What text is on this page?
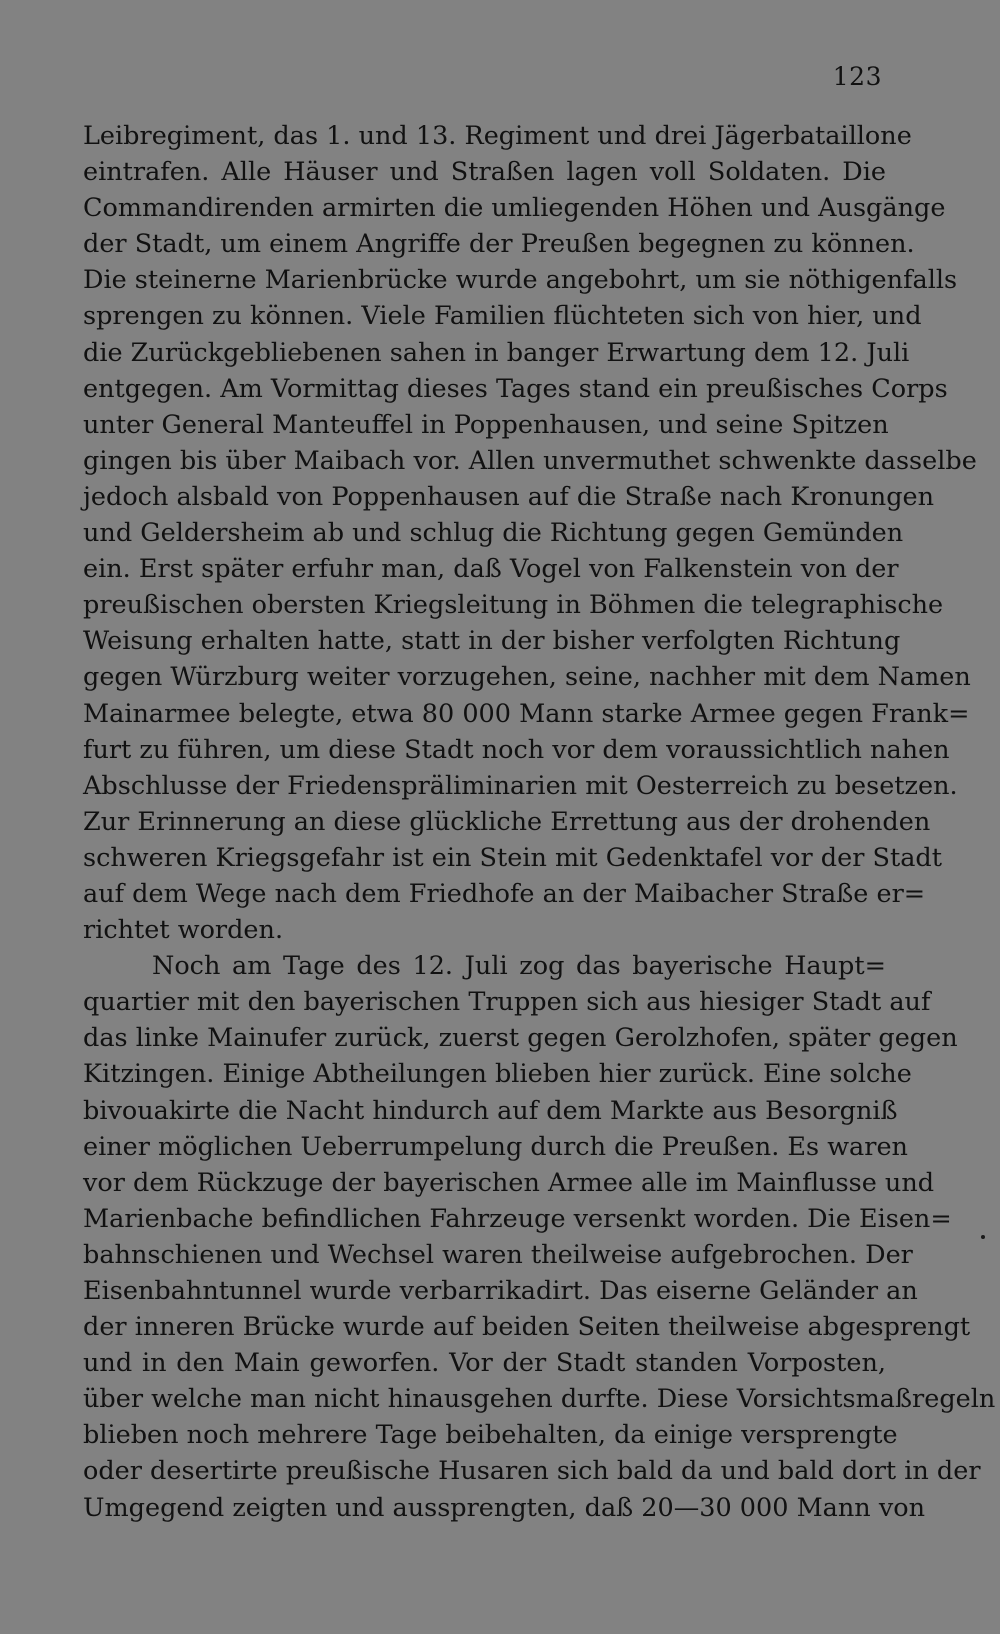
123
Leibregiment, das 1. und 13. Regiment und drei Jägerbataillone
eintrafen. Alle Häuser und Straßen lagen voll Soldaten. Die
Commandirenden armirten die umliegenden Höhen und Ausgänge
der Stadt, um einem Angriffe der Preußen begegnen zu können.
Die steinerne Marienbrücke wurde angebohrt, um sie nöthigenfalls
sprengen zu können. Viele Familien flüchteten sich von hier, und
die Zurückgebliebenen sahen in banger Erwartung dem 12. Juli
entgegen. Am Vormittag dieses Tages stand ein preußisches Corps
unter General Manteuffel in Poppenhausen, und seine Spitzen
gingen bis über Maibach vor. Allen unvermuthet schwenkte dasselbe
jedoch alsbald von Poppenhausen auf die Straße nach Kronungen
und Geldersheim ab und schlug die Richtung gegen Gemünden
ein. Erst später erfuhr man, daß Vogel von Falkenstein von der
preußischen obersten Kriegsleitung in Böhmen die telegraphische
Weisung erhalten hatte, statt in der bisher verfolgten Richtung
gegen Würzburg weiter vorzugehen, seine, nachher mit dem Namen
Mainarmee belegte, etwa 80 000 Mann starke Armee gegen Frank=
furt zu führen, um diese Stadt noch vor dem voraussichtlich nahen
Abschlusse der Friedenspräliminarien mit Oesterreich zu besetzen.
Zur Erinnerung an diese glückliche Errettung aus der drohenden
schweren Kriegsgefahr ist ein Stein mit Gedenktafel vor der Stadt
auf dem Wege nach dem Friedhofe an der Maibacher Straße er=
richtet worden.
Noch am Tage des 12. Juli zog das bayerische Haupt=
quartier mit den bayerischen Truppen sich aus hiesiger Stadt auf
das linke Mainufer zurück, zuerst gegen Gerolzhofen, später gegen
Kitzingen. Einige Abtheilungen blieben hier zurück. Eine solche
bivouakirte die Nacht hindurch auf dem Markte aus Besorgniß
einer möglichen Ueberrumpelung durch die Preußen. Es waren
vor dem Rückzuge der bayerischen Armee alle im Mainflusse und
Marienbache befindlichen Fahrzeuge versenkt worden. Die Eisen=
bahnschienen und Wechsel waren theilweise aufgebrochen. Der
Eisenbahntunnel wurde verbarrikadirt. Das eiserne Geländer an
der inneren Brücke wurde auf beiden Seiten theilweise abgesprengt
und in den Main geworfen. Vor der Stadt standen Vorposten,
über welche man nicht hinausgehen durfte. Diese Vorsichtsmaßregeln
blieben noch mehrere Tage beibehalten, da einige versprengte
oder desertirte preußische Husaren sich bald da und bald dort in der
Umgegend zeigten und aussprengten, daß 20—30 000 Mann von
